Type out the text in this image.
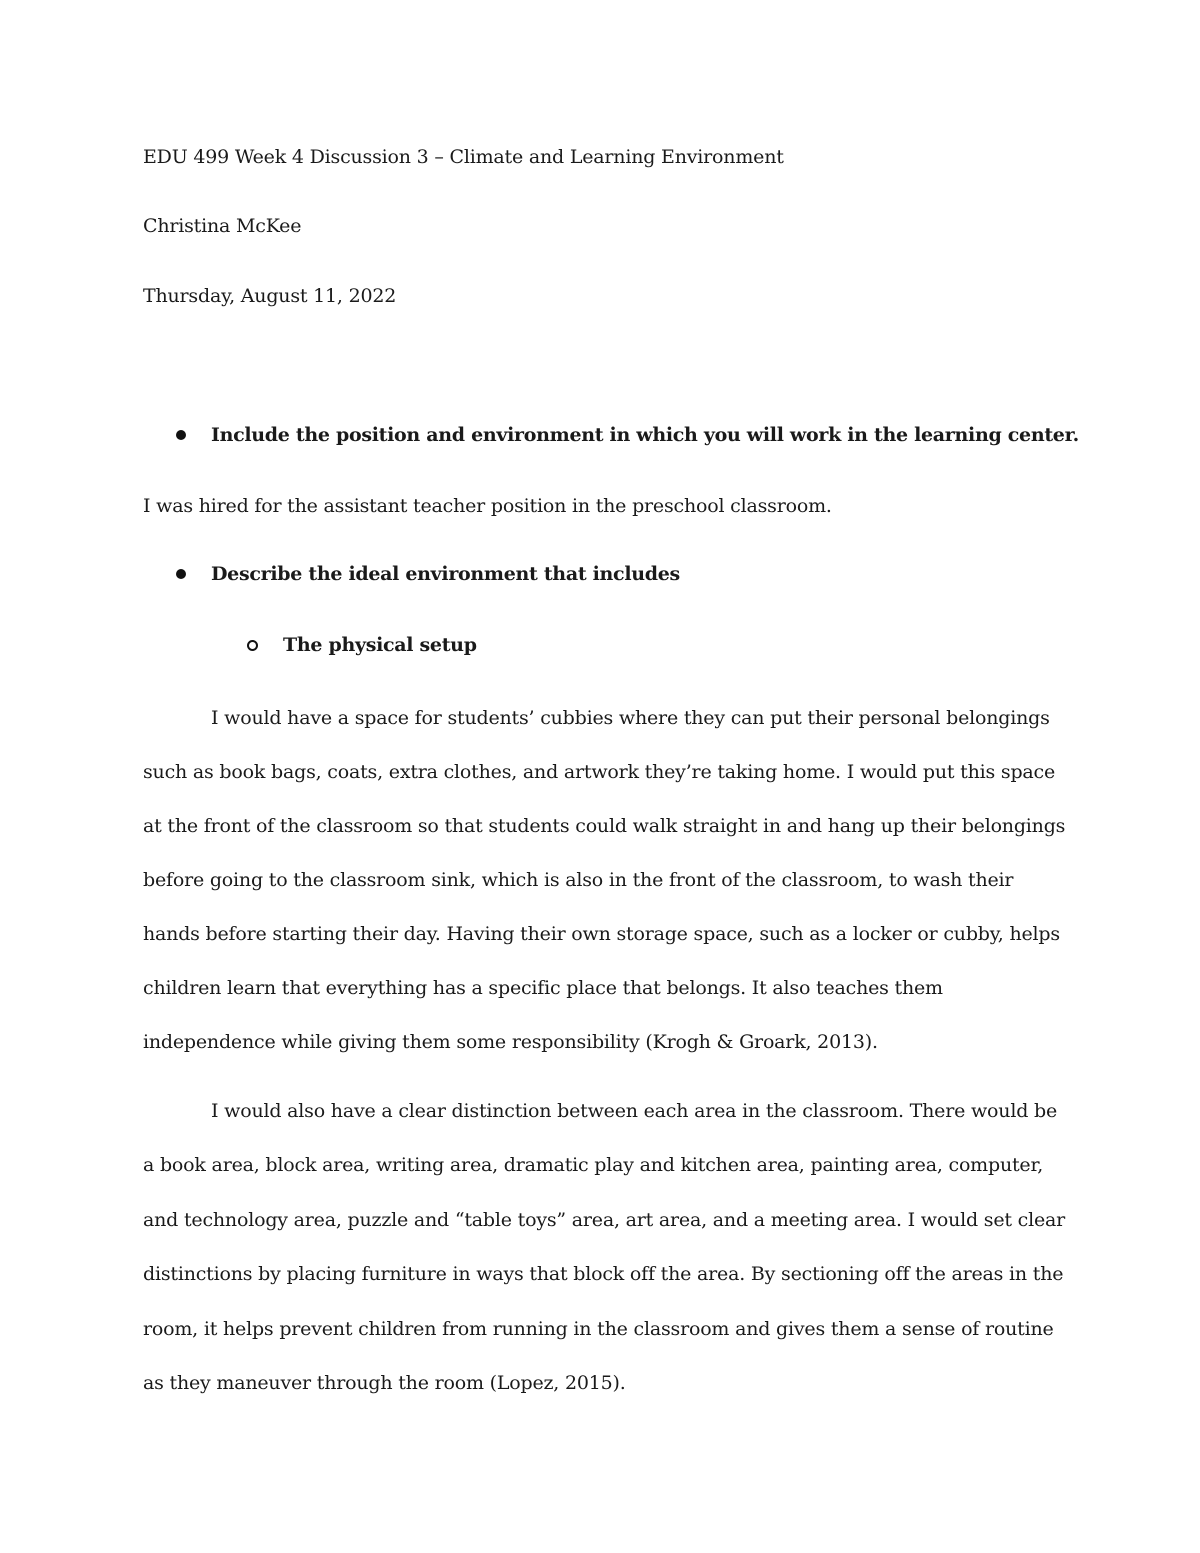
EDU 499 Week 4 Discussion 3 – Climate and Learning Environment
Christina McKee
Thursday, August 11, 2022
Include the position and environment in which you will work in the learning center.
I was hired for the assistant teacher position in the preschool classroom.
Describe the ideal environment that includes
The physical setup
I would have a space for students’ cubbies where they can put their personal belongings
such as book bags, coats, extra clothes, and artwork they’re taking home. I would put this space
at the front of the classroom so that students could walk straight in and hang up their belongings
before going to the classroom sink, which is also in the front of the classroom, to wash their
hands before starting their day. Having their own storage space, such as a locker or cubby, helps
children learn that everything has a specific place that belongs. It also teaches them
independence while giving them some responsibility (Krogh & Groark, 2013).
I would also have a clear distinction between each area in the classroom. There would be
a book area, block area, writing area, dramatic play and kitchen area, painting area, computer,
and technology area, puzzle and “table toys” area, art area, and a meeting area. I would set clear
distinctions by placing furniture in ways that block off the area. By sectioning off the areas in the
room, it helps prevent children from running in the classroom and gives them a sense of routine
as they maneuver through the room (Lopez, 2015).
